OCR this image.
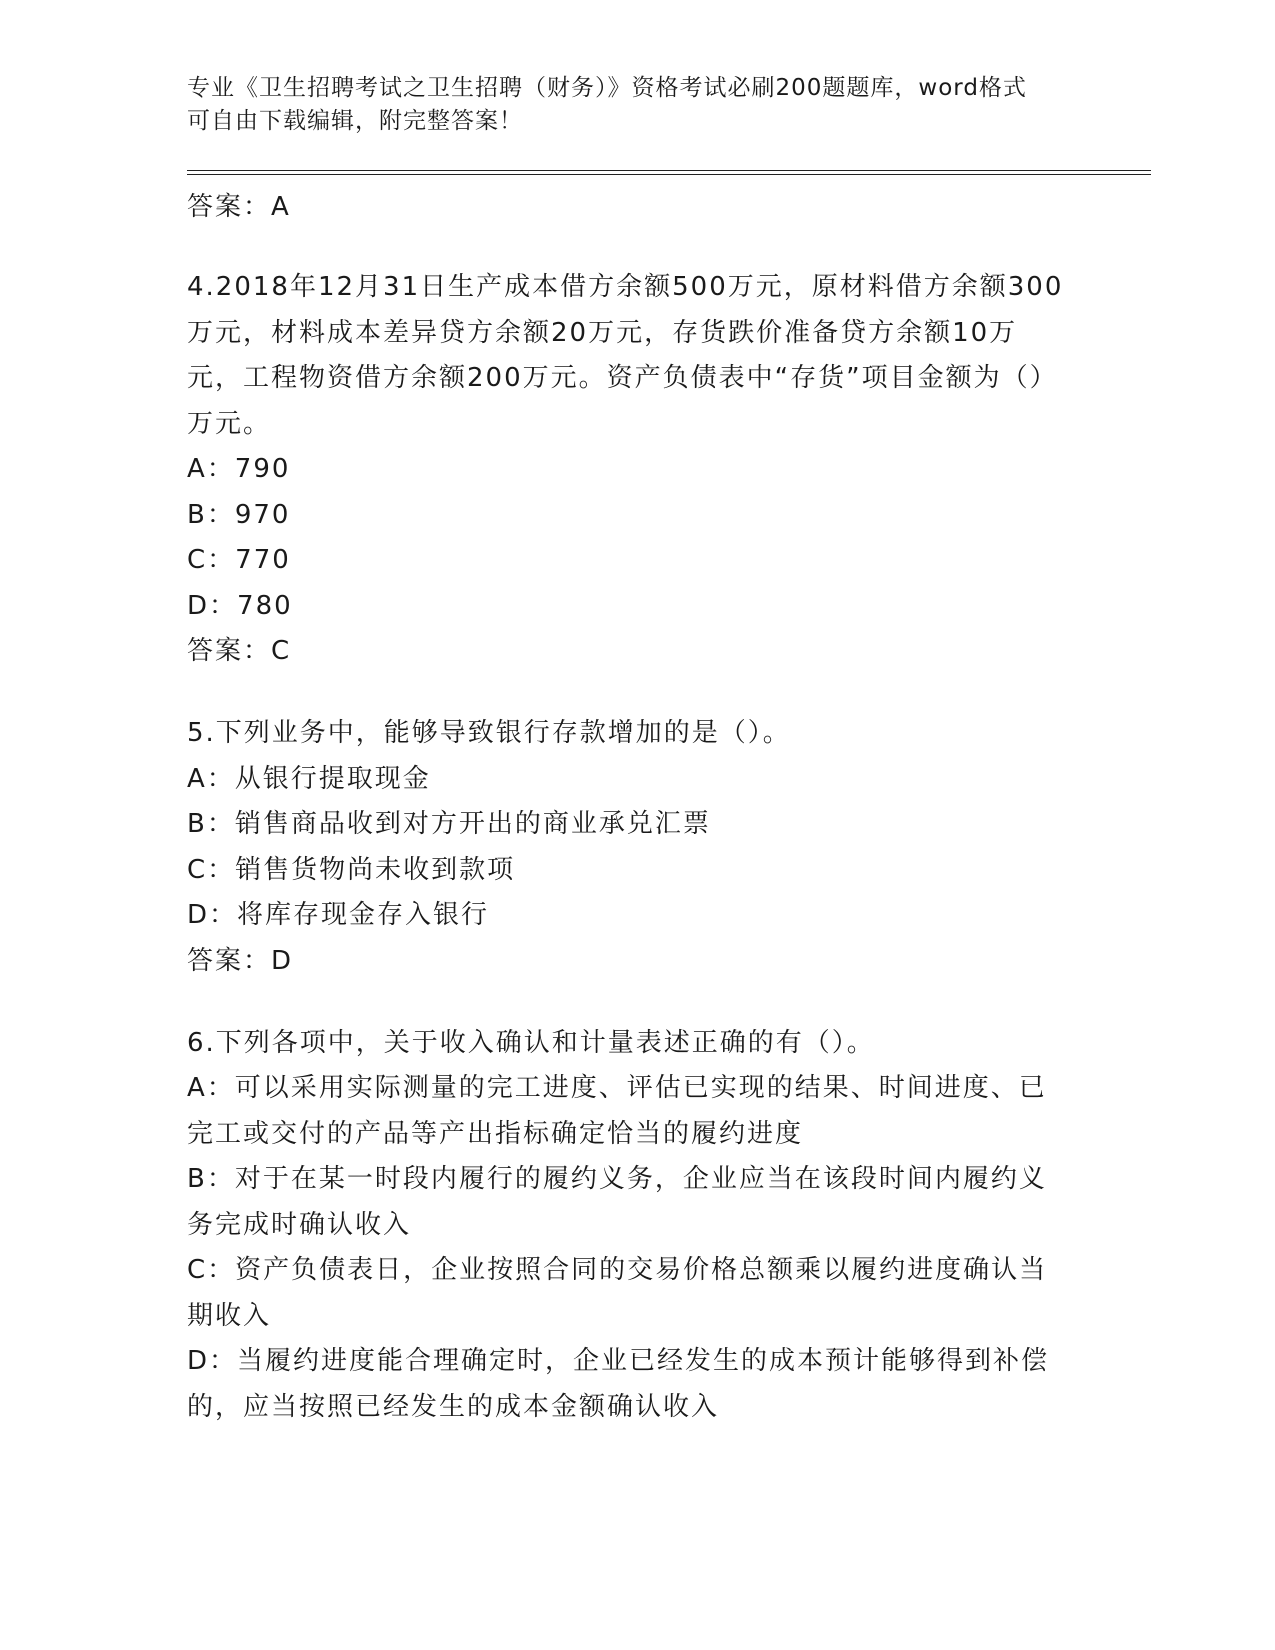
专业《卫生招聘考试之卫生招聘（财务）》资格考试必刷200题题库，word格式
可自由下载编辑，附完整答案！

答案：A

4.2018年12月31日生产成本借方余额500万元，原材料借方余额300万元，材料成本差异贷方余额20万元，存货跌价准备贷方余额10万元，工程物资借方余额200万元。资产负债表中“存货”项目金额为（）万元。

A：790

B：970

C：770

D：780

答案：C

5.下列业务中，能够导致银行存款增加的是（）。

A：从银行提取现金

B：销售商品收到对方开出的商业承兑汇票

C：销售货物尚未收到款项

D：将库存现金存入银行

答案：D

6.下列各项中，关于收入确认和计量表述正确的有（）。

A：可以采用实际测量的完工进度、评估已实现的结果、时间进度、已完工或交付的产品等产出指标确定恰当的履约进度

B：对于在某一时段内履行的履约义务，企业应当在该段时间内履约义务完成时确认收入

C：资产负债表日，企业按照合同的交易价格总额乘以履约进度确认当期收入

D：当履约进度能合理确定时，企业已经发生的成本预计能够得到补偿的，应当按照已经发生的成本金额确认收入
